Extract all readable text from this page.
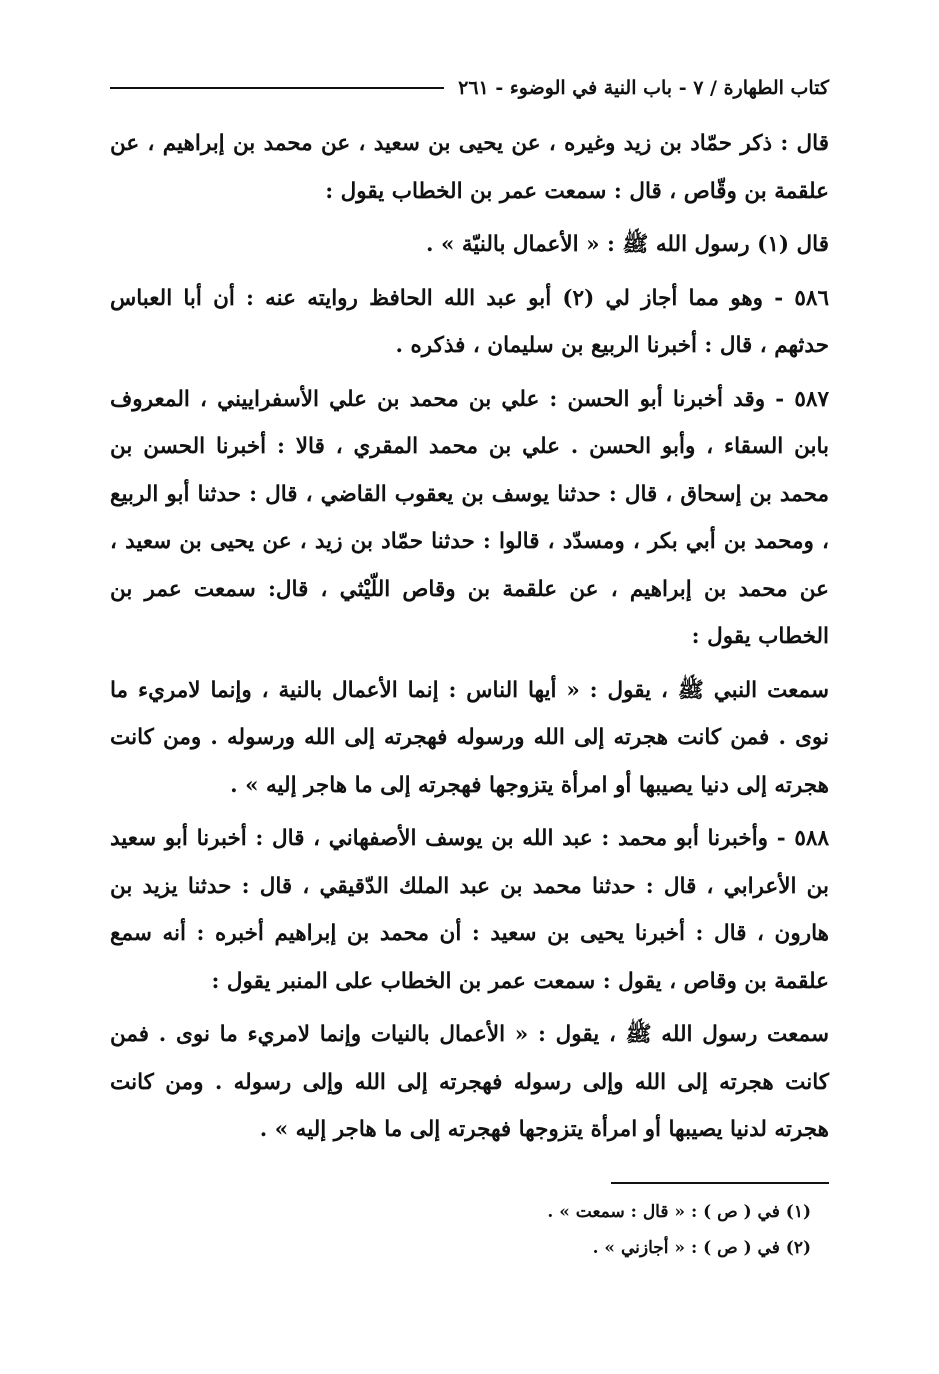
كتاب الطهارة / ٧ - باب النية في الوضوء - ٢٦١

قال : ذكر حمّاد بن زيد وغيره ، عن يحيى بن سعيد ، عن محمد بن إبراهيم ، عن علقمة بن وقّاص ، قال : سمعت عمر بن الخطاب يقول :

قال (١) رسول الله ﷺ : « الأعمال بالنيّة » .

٥٨٦ - وهو مما أجاز لي (٢) أبو عبد الله الحافظ روايته عنه : أن أبا العباس حدثهم ، قال : أخبرنا الربيع بن سليمان ، فذكره .

٥٨٧ - وقد أخبرنا أبو الحسن : علي بن محمد بن علي الأسفراييني ، المعروف بابن السقاء ، وأبو الحسن . علي بن محمد المقري ، قالا : أخبرنا الحسن بن محمد بن إسحاق ، قال : حدثنا يوسف بن يعقوب القاضي ، قال : حدثنا أبو الربيع ، ومحمد بن أبي بكر ، ومسدّد ، قالوا : حدثنا حمّاد بن زيد ، عن يحيى بن سعيد ، عن محمد بن إبراهيم ، عن علقمة بن وقاص اللّيْثي ، قال: سمعت عمر بن الخطاب يقول :

سمعت النبي ﷺ ، يقول : « أيها الناس : إنما الأعمال بالنية ، وإنما لامريء ما نوى . فمن كانت هجرته إلى الله ورسوله فهجرته إلى الله ورسوله . ومن كانت هجرته إلى دنيا يصيبها أو امرأة يتزوجها فهجرته إلى ما هاجر إليه » .

٥٨٨ - وأخبرنا أبو محمد : عبد الله بن يوسف الأصفهاني ، قال : أخبرنا أبو سعيد بن الأعرابي ، قال : حدثنا محمد بن عبد الملك الدّقيقي ، قال : حدثنا يزيد بن هارون ، قال : أخبرنا يحيى بن سعيد : أن محمد بن إبراهيم أخبره : أنه سمع علقمة بن وقاص ، يقول : سمعت عمر بن الخطاب على المنبر يقول :

سمعت رسول الله ﷺ ، يقول : « الأعمال بالنيات وإنما لامريء ما نوى . فمن كانت هجرته إلى الله وإلى رسوله فهجرته إلى الله وإلى رسوله . ومن كانت هجرته لدنيا يصيبها أو امرأة يتزوجها فهجرته إلى ما هاجر إليه » .

(١) في ( ص ) : « قال : سمعت » .
(٢) في ( ص ) : « أجازني » .
